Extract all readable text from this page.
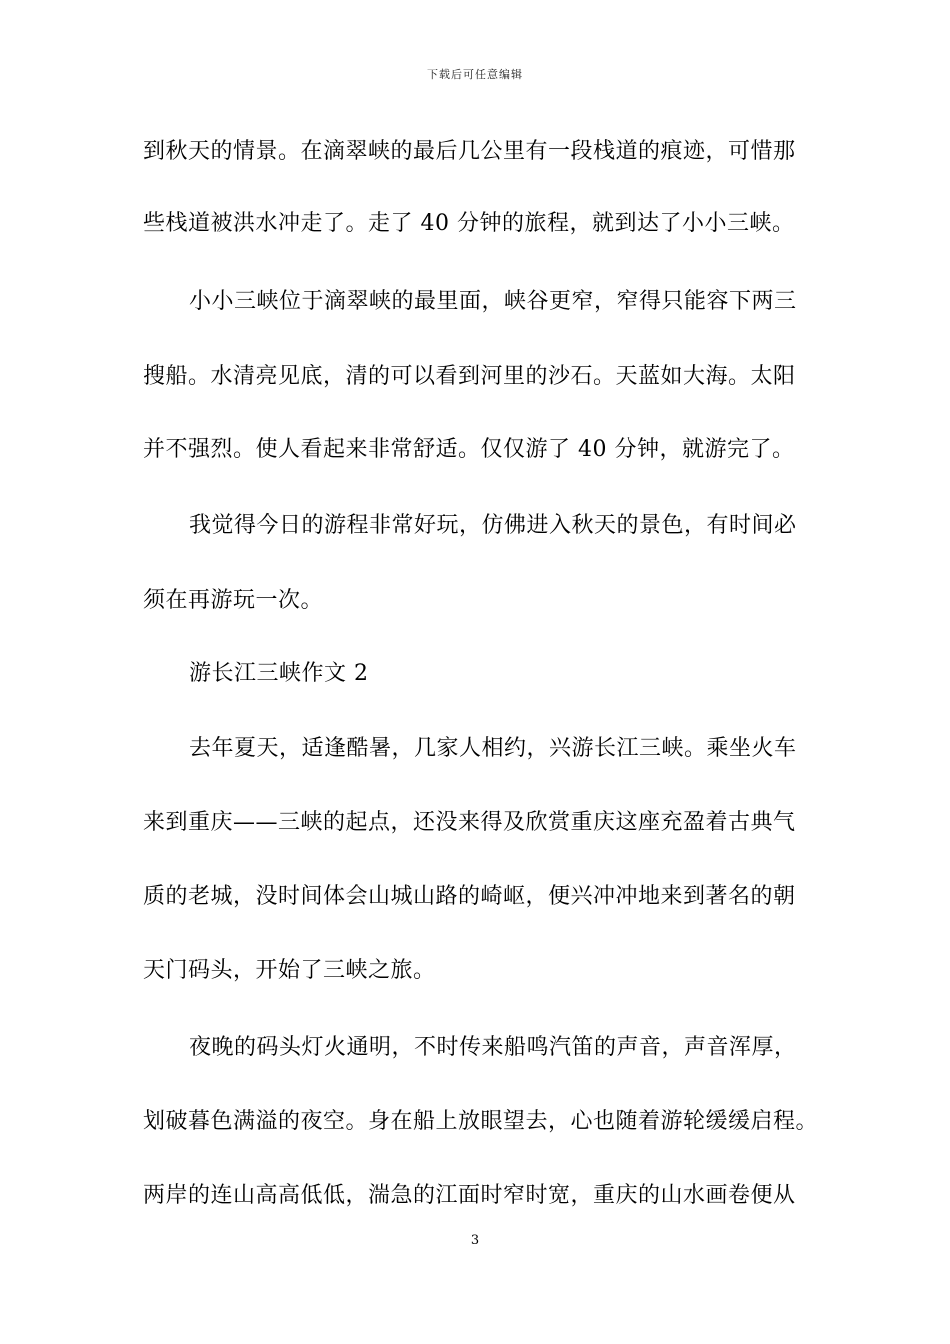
下载后可任意编辑
到秋天的情景。在滴翠峡的最后几公里有一段栈道的痕迹，可惜那
些栈道被洪水冲走了。走了 40 分钟的旅程，就到达了小小三峡。
小小三峡位于滴翠峡的最里面，峡谷更窄，窄得只能容下两三
搜船。水清亮见底，清的可以看到河里的沙石。天蓝如大海。太阳
并不强烈。使人看起来非常舒适。仅仅游了 40 分钟，就游完了。
我觉得今日的游程非常好玩，仿佛进入秋天的景色，有时间必
须在再游玩一次。
游长江三峡作文 2
去年夏天，适逢酷暑，几家人相约，兴游长江三峡。乘坐火车
来到重庆——三峡的起点，还没来得及欣赏重庆这座充盈着古典气
质的老城，没时间体会山城山路的崎岖，便兴冲冲地来到著名的朝
天门码头，开始了三峡之旅。
夜晚的码头灯火通明，不时传来船鸣汽笛的声音，声音浑厚，
划破暮色满溢的夜空。身在船上放眼望去，心也随着游轮缓缓启程。
两岸的连山高高低低，湍急的江面时窄时宽，重庆的山水画卷便从
3
